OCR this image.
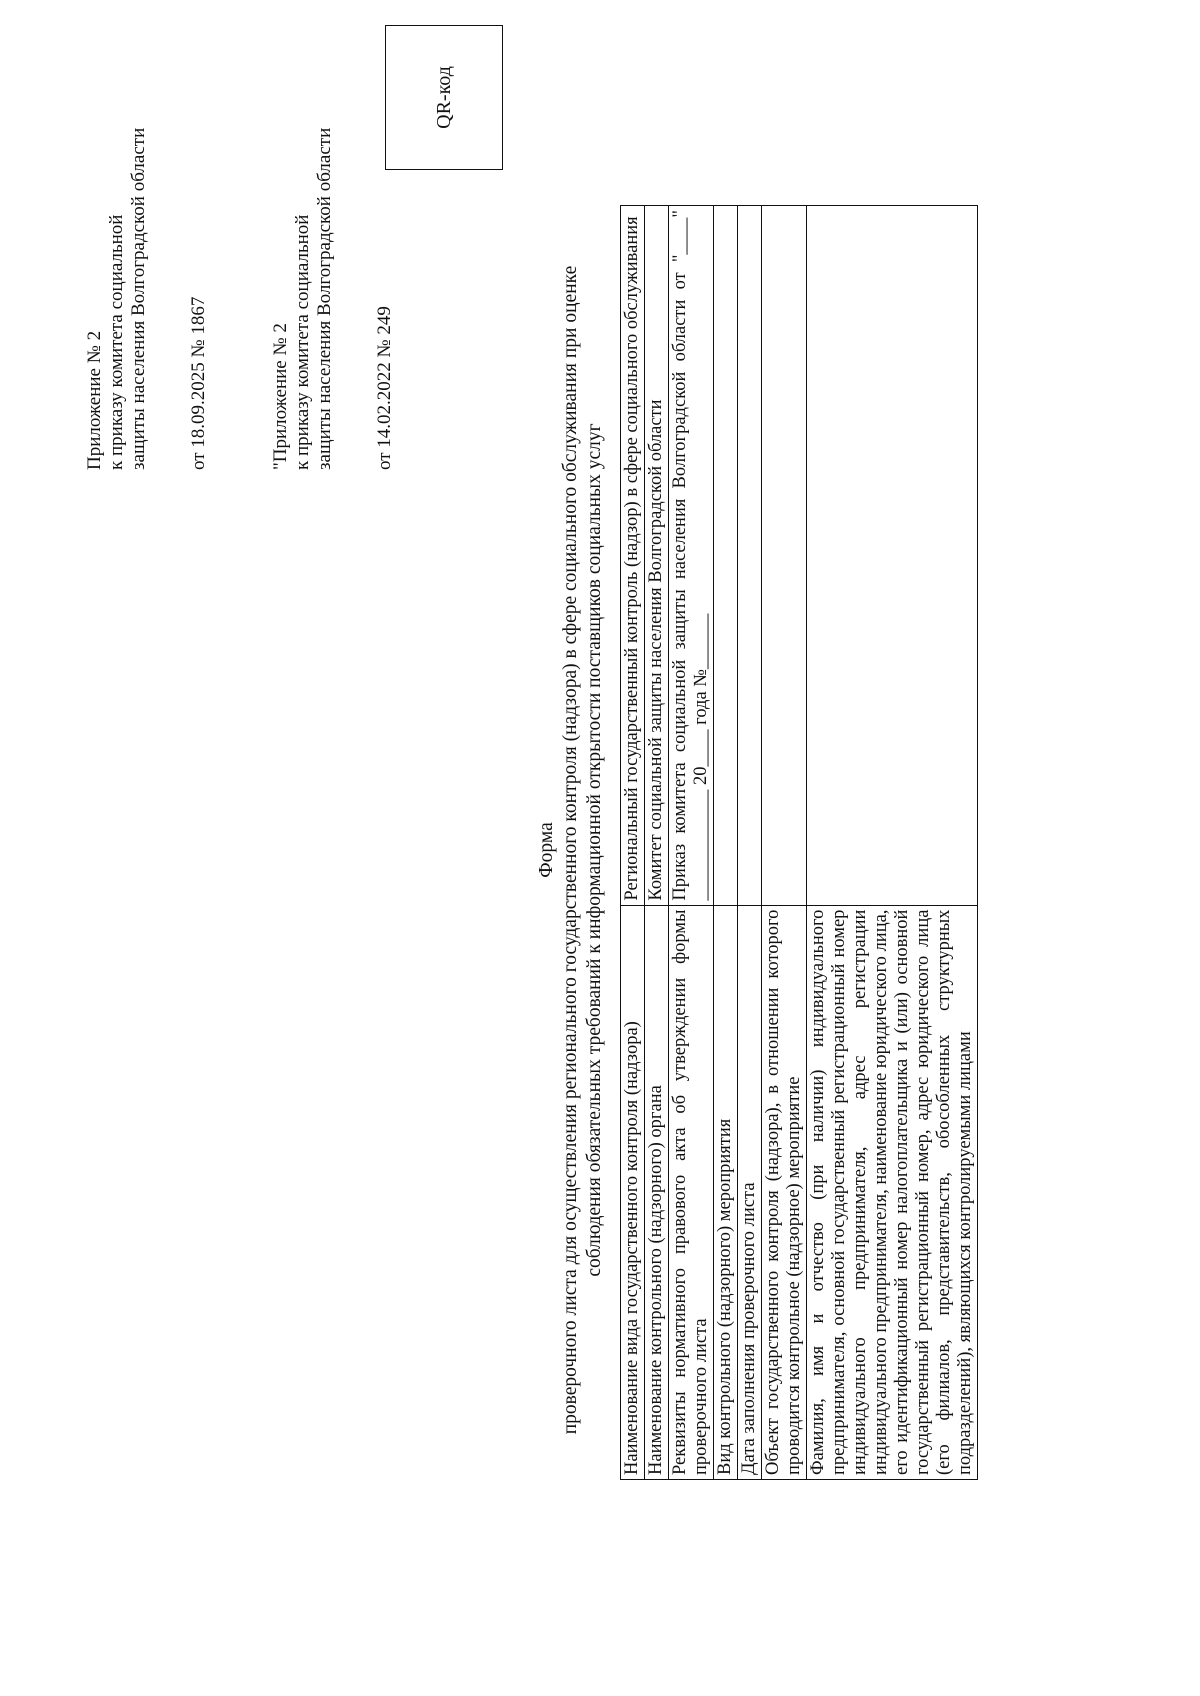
Приложение № 2 к приказу комитета социальной защиты населения Волгоградской области от 18.09.2025 № 1867	"Приложение № 2 к приказу комитета социальной защиты населения Волгоградской области от 14.02.2022 № 249
QR-код
Форма проверочного листа для осуществления регионального государственного контроля (надзора) в сфере социального обслуживания при оценке соблюдения обязательных требований к информационной открытости поставщиков социальных услуг Наименование вида государственного контроля (надзора)	Региональный государственный контроль (надзор) в сфере социального обслуживания
Наименование контрольного (надзорного) органа	Комитет социальной защиты населения Волгоградской области
Реквизиты нормативного правового акта об утверждении формы проверочного листа	Приказ комитета социальной защиты населения Волгоградской области от "____" ____________ 20____ года №______
Вид контрольного (надзорного) мероприятия	
Дата заполнения проверочного листа	
Объект государственного контроля (надзора), в отношении которого проводится контрольное (надзорное) мероприятие	
Фамилия, имя и отчество (при наличии) индивидуального предпринимателя, основной государственный регистрационный номер индивидуального предпринимателя, адрес регистрации индивидуального предпринимателя, наименование юридического лица, его идентификационный номер налогоплательщика и (или) основной государственный регистрационный номер, адрес юридического лица (его филиалов, представительств, обособленных структурных подразделений), являющихся контролируемыми лицами	
